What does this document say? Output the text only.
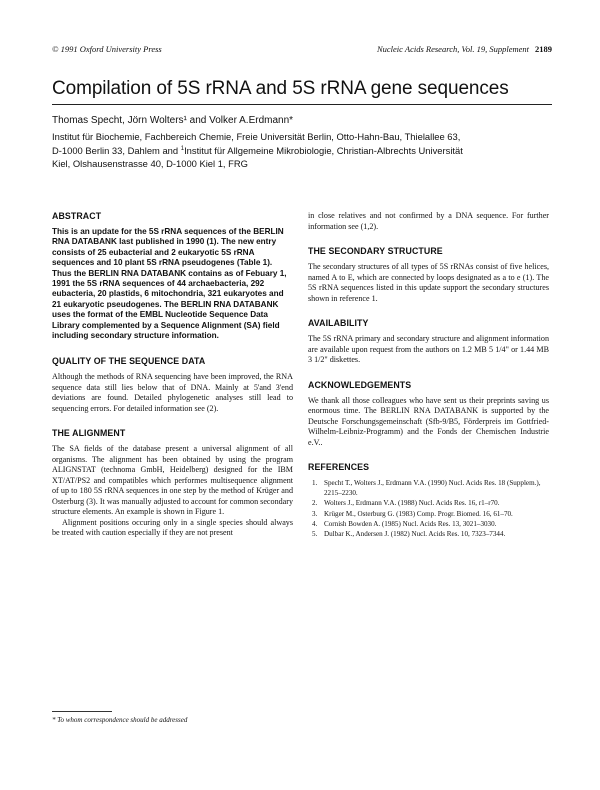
© 1991 Oxford University Press	Nucleic Acids Research, Vol. 19, Supplement 2189
Compilation of 5S rRNA and 5S rRNA gene sequences
Thomas Specht, Jörn Wolters¹ and Volker A.Erdmann*
Institut für Biochemie, Fachbereich Chemie, Freie Universität Berlin, Otto-Hahn-Bau, Thielallee 63,
D-1000 Berlin 33, Dahlem and $^1$Institut für Allgemeine Mikrobiologie, Christian-Albrechts Universität
Kiel, Olshausenstrasse 40, D-1000 Kiel 1, FRG
ABSTRACT

This is an update for the 5S rRNA sequences of the BERLIN RNA DATABANK last published in 1990 (1). The new entry consists of 25 eubacterial and 2 eukaryotic 5S rRNA sequences and 10 plant 5S rRNA pseudogenes (Table 1). Thus the BERLIN RNA DATABANK contains as of Febuary 1, 1991 the 5S rRNA sequences of 44 archaebacteria, 292 eubacteria, 20 plastids, 6 mitochondria, 321 eukaryotes and 21 eukaryotic pseudogenes. The BERLIN RNA DATABANK uses the format of the EMBL Nucleotide Sequence Data Library complemented by a Sequence Alignment (SA) field including secondary structure information.

QUALITY OF THE SEQUENCE DATA

Although the methods of RNA sequencing have been improved, the RNA sequence data still lies below that of DNA. Mainly at 5'and 3'end deviations are found. Detailed phylogenetic analyses still lead to sequencing errors. For detailed information see (2).

THE ALIGNMENT

The SA fields of the database present a universal alignment of all organisms. The alignment has been obtained by using the program ALIGNSTAT (technoma GmbH, Heidelberg) designed for the IBM XT/AT/PS2 and compatibles which performes multisequence alignment of up to 180 5S rRNA sequences in one step by the method of Krüger and Osterburg (3). It was manually adjusted to account for common secondary structure elements. An example is shown in Figure 1.

Alignment positions occuring only in a single species should always be treated with caution especially if they are not present

in close relatives and not confirmed by a DNA sequence. For further information see (1,2).

THE SECONDARY STRUCTURE

The secondary structures of all types of 5S rRNAs consist of five helices, named A to E, which are connected by loops designated as a to e (1). The 5S rRNA sequences listed in this update support the secondary structures shown in reference 1.

AVAILABILITY

The 5S rRNA primary and secondary structure and alignment information are available upon request from the authors on 1.2 MB 5 1/4" or 1.44 MB 3 1/2" diskettes.

ACKNOWLEDGEMENTS

We thank all those colleagues who have sent us their preprints saving us enormous time. The BERLIN RNA DATABANK is supported by the Deutsche Forschungsgemeinschaft (Sfb-9/B5, Förderpreis im Gottfried-Wilhelm-Leibniz-Programm) and the Fonds der Chemischen Industrie e.V..

REFERENCES
1. Specht T., Wolters J., Erdmann V.A. (1990) Nucl. Acids Res. 18 (Supplem.), 2215–2230.
2. Wolters J., Erdmann V.A. (1988) Nucl. Acids Res. 16, r1–r70.
3. Krüger M., Osterburg G. (1983) Comp. Progr. Biomed. 16, 61–70.
4. Cornish Bowden A. (1985) Nucl. Acids Res. 13, 3021–3030.
5. Dulbar K., Andersen J. (1982) Nucl. Acids Res. 10, 7323–7344.
* To whom correspondence should be addressed
